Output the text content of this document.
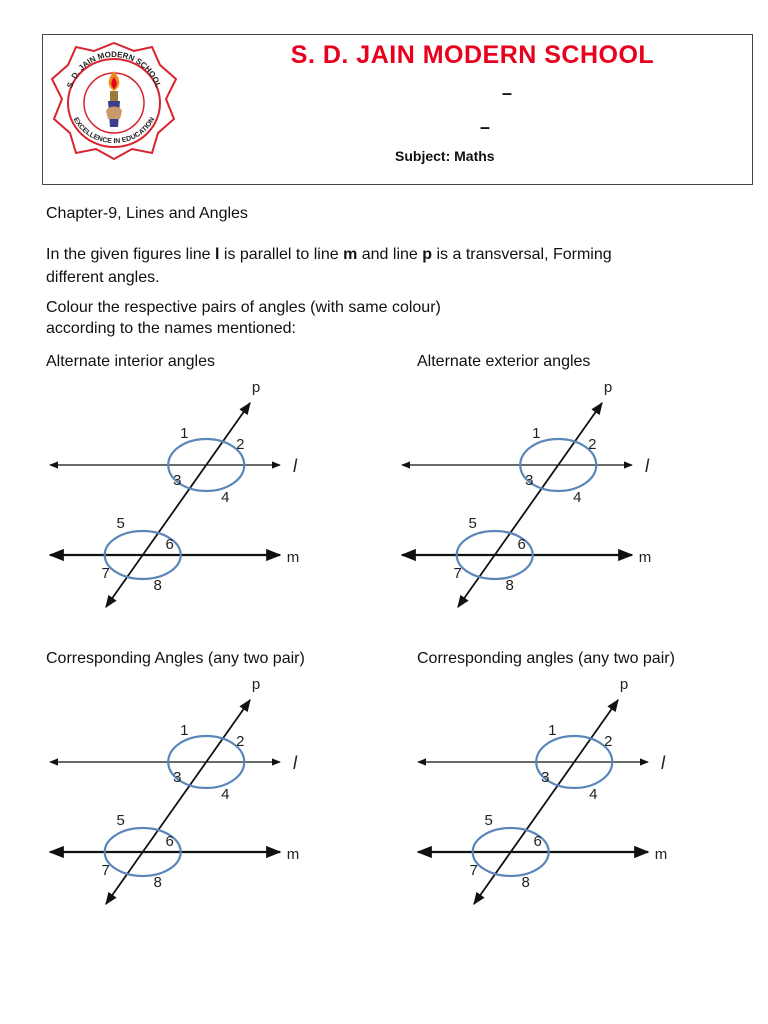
S. D. JAIN MODERN SCHOOL
EXCELLENCE IN EDUCATION
S. D. JAIN MODERN SCHOOL
–
–
Subject: Maths
Chapter-9, Lines and Angles
In the given figures line l is parallel to line m and line p is a transversal, Forming
different angles.
Colour the respective pairs of angles (with same colour)
according to the names mentioned:
Alternate interior angles	Alternate exterior angles
Corresponding Angles (any two pair)	Corresponding angles (any two pair)
1
2
3
4
5
6
7
8
p
l
m
1
2
3
4
5
6
7
8
p
l
m
1
2
3
4
5
6
7
8
p
l
m
1
2
3
4
5
6
7
8
p
l
m
